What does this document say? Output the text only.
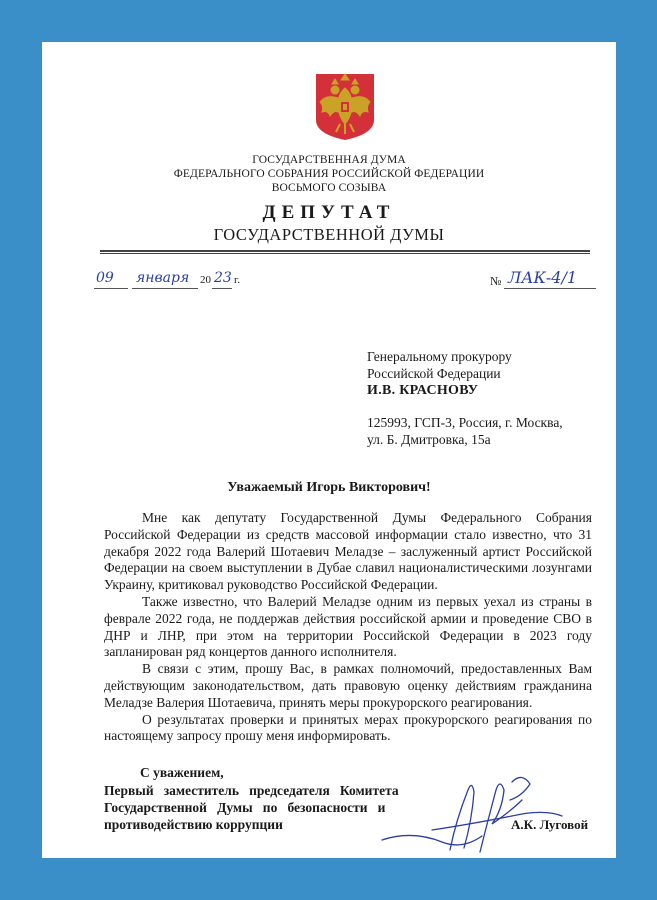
ГОСУДАРСТВЕННАЯ ДУМА
ФЕДЕРАЛЬНОГО СОБРАНИЯ РОССИЙСКОЙ ФЕДЕРАЦИИ
ВОСЬМОГО СОЗЫВА
ДЕПУТАТ
ГОСУДАРСТВЕННОЙ ДУМЫ
09 января 20 23 г.	№ ЛАК-4/1
Генеральному прокурору
Российской Федерации
И.В. КРАСНОВУ
125993, ГСП-3, Россия, г. Москва,
ул. Б. Дмитровка, 15а
Уважаемый Игорь Викторович!

Мне как депутату Государственной Думы Федерального Собрания Российской Федерации из средств массовой информации стало известно, что 31 декабря 2022 года Валерий Шотаевич Меладзе – заслуженный артист Российской Федерации на своем выступлении в Дубае славил националистическими лозунгами Украину, критиковал руководство Российской Федерации.

Также известно, что Валерий Меладзе одним из первых уехал из страны в феврале 2022 года, не поддержав действия российской армии и проведение СВО в ДНР и ЛНР, при этом на территории Российской Федерации в 2023 году запланирован ряд концертов данного исполнителя.

В связи с этим, прошу Вас, в рамках полномочий, предоставленных Вам действующим законодательством, дать правовую оценку действиям гражданина Меладзе Валерия Шотаевича, принять меры прокурорского реагирования.

О результатах проверки и принятых мерах прокурорского реагирования по настоящему запросу прошу меня информировать.

С уважением,
Первый   заместитель   председателя   Комитета
Государственной   Думы   по   безопасности   и
противодействию коррупции	А.К. Луговой
